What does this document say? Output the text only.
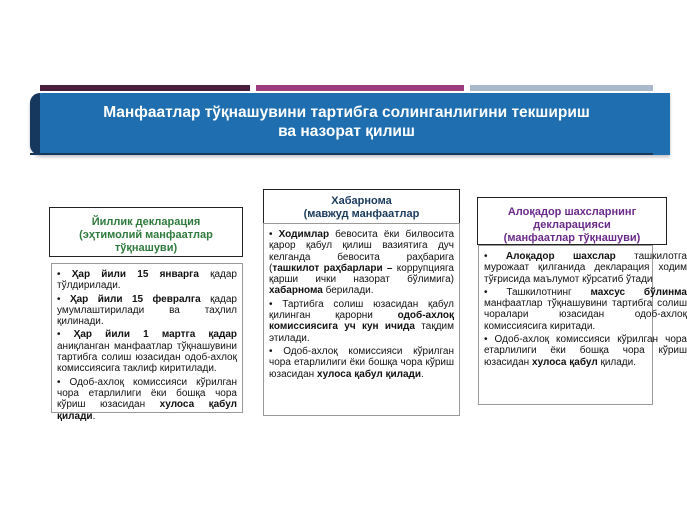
Манфаатлар тўқнашувини тартибга солинганлигини текшириш
ва назорат қилиш
Йиллик декларация
(эҳтимолий манфаатлар
тўқнашуви)
• Ҳар йили 15 январга қадар тўлдирилади.
• Ҳар йили 15 февралга қадар умумлаштирилади ва таҳлил қилинади.
• Ҳар йили 1 мартга қадар аниқланган манфаатлар тўқнашувини тартибга солиш юзасидан одоб-ахлоқ комиссиясига таклиф киритилади.
• Одоб-ахлоқ комиссияси кўрилган чора етарлилиги ёки бошқа чора кўриш юзасидан хулоса қабул қилади.
Хабарнома
(мавжуд манфаатлар
• Ходимлар бевосита ёки билвосита қарор қабул қилиш вазиятига дуч келганда бевосита раҳбарига (ташкилот раҳбарлари – коррупцияга қарши ички назорат бўлимига) хабарнома берилади.
• Тартибга солиш юзасидан қабул қилинган қарорни одоб-ахлоқ комиссиясига уч кун ичида тақдим этилади.
• Одоб-ахлоқ комиссияси кўрилган чора етарлилиги ёки бошқа чора кўриш юзасидан хулоса қабул қилади.
Алоқадор шахсларнинг
декларацияси
(манфаатлар тўқнашуви)
• Алоқадор шахслар ташкилотга мурожаат қилганида декларация ходим тўғрисида маълумот кўрсатиб ўтади
• Ташкилотнинг махсус бўлинма манфаатлар тўқнашувини тартибга солиш чоралари юзасидан одоб-ахлоқ комиссиясига киритади.
• Одоб-ахлоқ комиссияси кўрилган чора етарлилиги ёки бошқа чора кўриш юзасидан хулоса қабул қилади.
